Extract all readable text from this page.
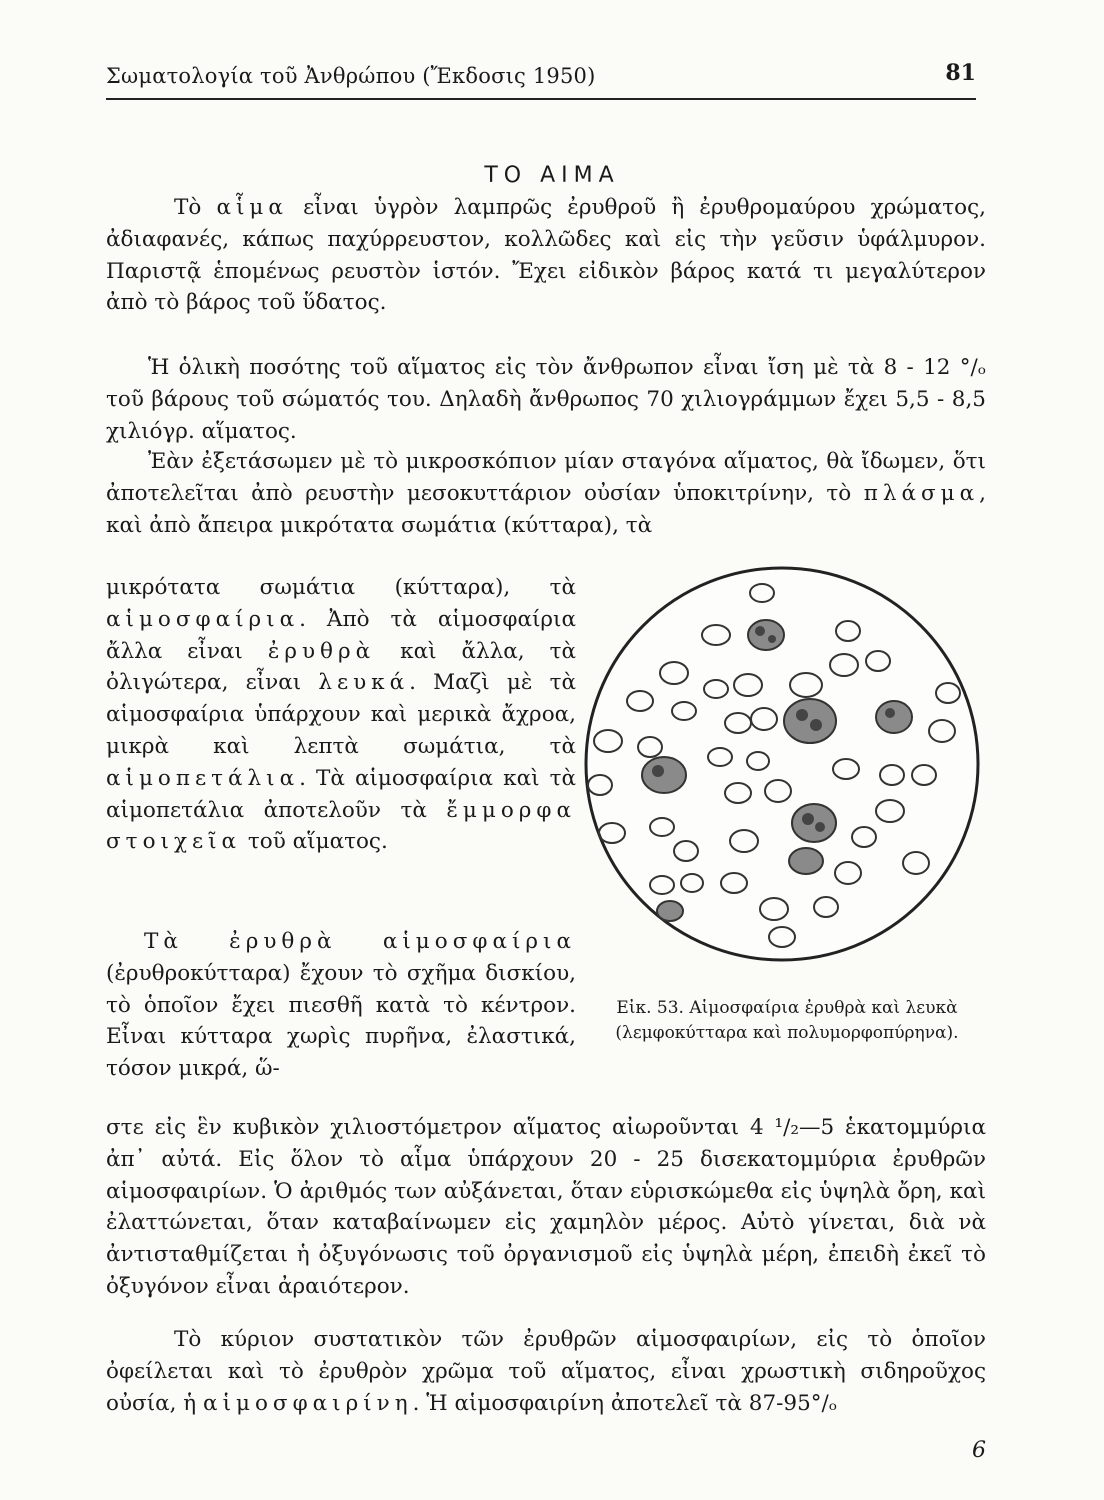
Σωματολογία τοῦ Ἀνθρώπου (Ἔκδοσις 1950)	81
ΤΟ ΑΙΜΑ

Τὸ αἷμα εἶναι ὑγρὸν λαμπρῶς ἐρυθροῦ ἢ ἐρυθρομαύρου χρώματος, ἀδιαφανές, κάπως παχύρρευστον, κολλῶδες καὶ εἰς τὴν γεῦσιν ὑφάλμυρον. Παριστᾷ ἑπομένως ρευστὸν ἱστόν. Ἔχει εἰδικὸν βάρος κατά τι μεγαλύτερον ἀπὸ τὸ βάρος τοῦ ὕδατος.

Ἡ ὁλικὴ ποσότης τοῦ αἵματος εἰς τὸν ἄνθρωπον εἶναι ἴση μὲ τὰ 8 - 12 °/ₒ τοῦ βάρους τοῦ σώματός του. Δηλαδὴ ἄνθρωπος 70 χιλιογράμμων ἔχει 5,5 - 8,5 χιλιόγρ. αἵματος.

Ἐὰν ἐξετάσωμεν μὲ τὸ μικροσκόπιον μίαν σταγόνα αἵματος, θὰ ἴδωμεν, ὅτι ἀποτελεῖται ἀπὸ ρευστὴν μεσοκυττάριον οὐσίαν ὑποκιτρίνην, τὸ πλάσμα, καὶ ἀπὸ ἄπειρα μικρότατα σωμάτια (κύτταρα), τὰ

μικρότατα σωμάτια (κύτταρα), τὰ αἱμοσφαίρια. Ἀπὸ τὰ αἱμοσφαίρια ἄλλα εἶναι ἐρυθρὰ καὶ ἄλλα, τὰ ὀλιγώτερα, εἶναι λευκά. Μαζὶ μὲ τὰ αἱμοσφαίρια ὑπάρχουν καὶ μερικὰ ἄχροα, μικρὰ καὶ λεπτὰ σωμάτια, τὰ αἱμοπετάλια. Τὰ αἱμοσφαίρια καὶ τὰ αἱμοπετάλια ἀποτελοῦν τὰ ἔμμορφα στοιχεῖα τοῦ αἵματος.

Τὰ ἐρυθρὰ αἱμοσφαίρια (ἐρυθροκύτταρα) ἔχουν τὸ σχῆμα δισκίου, τὸ ὁποῖον ἔχει πιεσθῆ κατὰ τὸ κέντρον. Εἶναι κύτταρα χωρὶς πυρῆνα, ἐλαστικά, τόσον μικρά, ὥ-

στε εἰς ἓν κυβικὸν χιλιοστόμετρον αἵματος αἰωροῦνται 4 ¹/₂—5 ἑκατομμύρια ἀπ᾽ αὐτά. Εἰς ὅλον τὸ αἷμα ὑπάρχουν 20 - 25 δισεκατομμύρια ἐρυθρῶν αἱμοσφαιρίων. Ὁ ἀριθμός των αὐξάνεται, ὅταν εὑρισκώμεθα εἰς ὑψηλὰ ὄρη, καὶ ἐλαττώνεται, ὅταν καταβαίνωμεν εἰς χαμηλὸν μέρος. Αὐτὸ γίνεται, διὰ νὰ ἀντισταθμίζεται ἡ ὀξυγόνωσις τοῦ ὀργανισμοῦ εἰς ὑψηλὰ μέρη, ἐπειδὴ ἐκεῖ τὸ ὀξυγόνον εἶναι ἀραιότερον.

Τὸ κύριον συστατικὸν τῶν ἐρυθρῶν αἱμοσφαιρίων, εἰς τὸ ὁποῖον ὀφείλεται καὶ τὸ ἐρυθρὸν χρῶμα τοῦ αἵματος, εἶναι χρωστικὴ σιδηροῦχος οὐσία, ἡ αἱμοσφαιρίνη. Ἡ αἱμοσφαιρίνη ἀποτελεῖ τὰ 87-95°/ₒ

Εἰκ. 53. Αἱμοσφαίρια ἐρυθρὰ καὶ λευκὰ (λεμφοκύτταρα καὶ πολυμορφοπύρηνα).
6
